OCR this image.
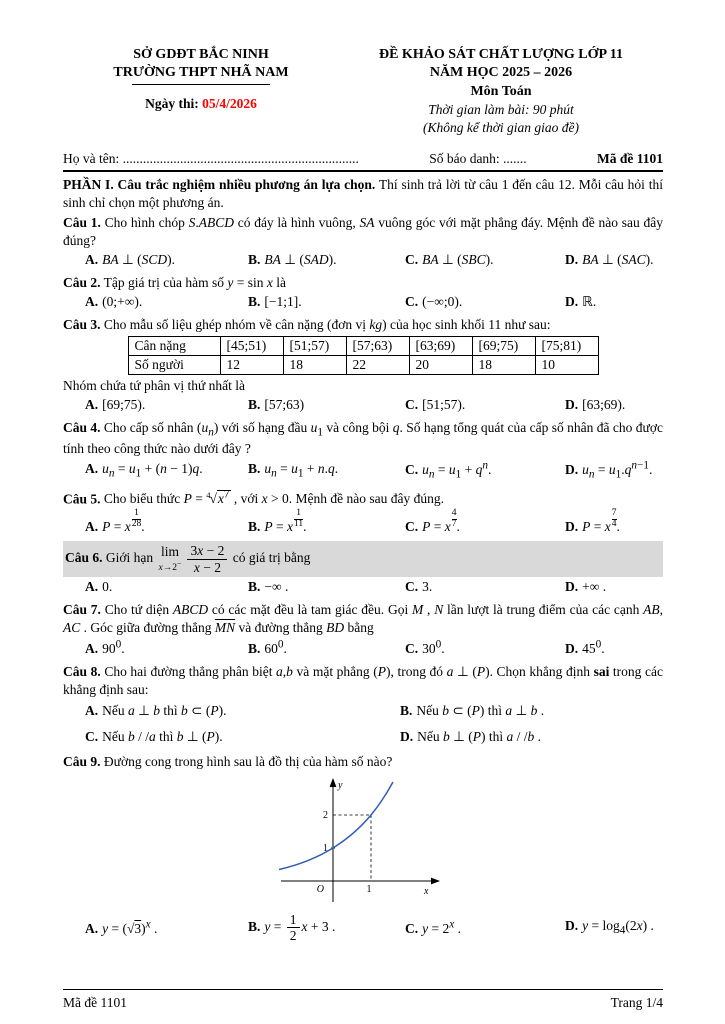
SỞ GDĐT BẮC NINH
TRƯỜNG THPT NHÃ NAM
Ngày thi: 05/4/2026
ĐỀ KHẢO SÁT CHẤT LƯỢNG LỚP 11
NĂM HỌC 2025 – 2026
Môn Toán
Thời gian làm bài: 90 phút
(Không kể thời gian giao đề)
Họ và tên: ......................................................................	Số báo danh: .......	Mã đề 1101

PHẦN I. Câu trắc nghiệm nhiều phương án lựa chọn. Thí sinh trả lời từ câu 1 đến câu 12. Mỗi câu hỏi thí sinh chỉ chọn một phương án.

Câu 1. Cho hình chóp S.ABCD có đáy là hình vuông, SA vuông góc với mặt phẳng đáy. Mệnh đề nào sau đây đúng?

A. BA ⊥ (SCD).	B. BA ⊥ (SAD).	C. BA ⊥ (SBC).	D. BA ⊥ (SAC).

Câu 2. Tập giá trị của hàm số y = sin x là

A. (0;+∞).	B. [−1;1].	C. (−∞;0).	D. ℝ.

Câu 3. Cho mẫu số liệu ghép nhóm về cân nặng (đơn vị kg) của học sinh khối 11 như sau:

Cân nặng	[45;51)	[51;57)	[57;63)	[63;69)	[69;75)	[75;81)
Số người	12	18	22	20	18	10

Nhóm chứa tứ phân vị thứ nhất là

A. [69;75).	B. [57;63)	C. [51;57).	D. [63;69).

Câu 4. Cho cấp số nhân $(u_n)$ với số hạng đầu $u_1$ và công bội q. Số hạng tổng quát của cấp số nhân đã cho được tính theo công thức nào dưới đây ?

A. $u_n = u_1 + (n - 1)q$.	B. $u_n = u_1 + n.q$.	C. $u_n = u_1 + q^n$.	D. $u_n = u_1.q^{n-1}$.

Câu 5. Cho biểu thức $P = ^4√x^7$ , với x > 0. Mệnh đề nào sau đây đúng.

A. P = x $\frac{1}{28}$ .	B. P = x $\frac{1}{11}$ .	C. P = x $\frac{4}{7}$ .	D. P = x $\frac{7}{4}$ .

Câu 6. Giới hạn lim
$x\to 2^- \frac{3x - 2}{x - 2}$ có giá trị bằng

A. 0.	B. −∞ .	C. 3.	D. +∞ .

Câu 7. Cho tứ diện ABCD có các mặt đều là tam giác đều. Gọi M , N lần lượt là trung điểm của các cạnh AB, AC . Góc giữa đường thẳng $\overline{MN}$ và đường thẳng BD bằng

A. $90^0$.	B. $60^0$.	C. $30^0$.	D. $45^0$.

Câu 8. Cho hai đường thẳng phân biệt a,b và mặt phẳng (P), trong đó a ⊥ (P). Chọn khẳng định sai trong các khẳng định sau:

A. Nếu a ⊥ b thì b ⊂ (P).	B. Nếu b ⊂ (P) thì a ⊥ b .
C. Nếu b / /a thì b ⊥ (P).	D. Nếu b ⊥ (P) thì a / /b .

Câu 9. Đường cong trong hình sau là đồ thị của hàm số nào?

y
x
O	1
1
2
A. $y = (√3)^x$ .	B. $y = \frac{1}{2}$ x + 3 .	C. $y = 2^x$ .	D. $y = \log_4(2x)$ .
Mã đề 1101	Trang 1/4
